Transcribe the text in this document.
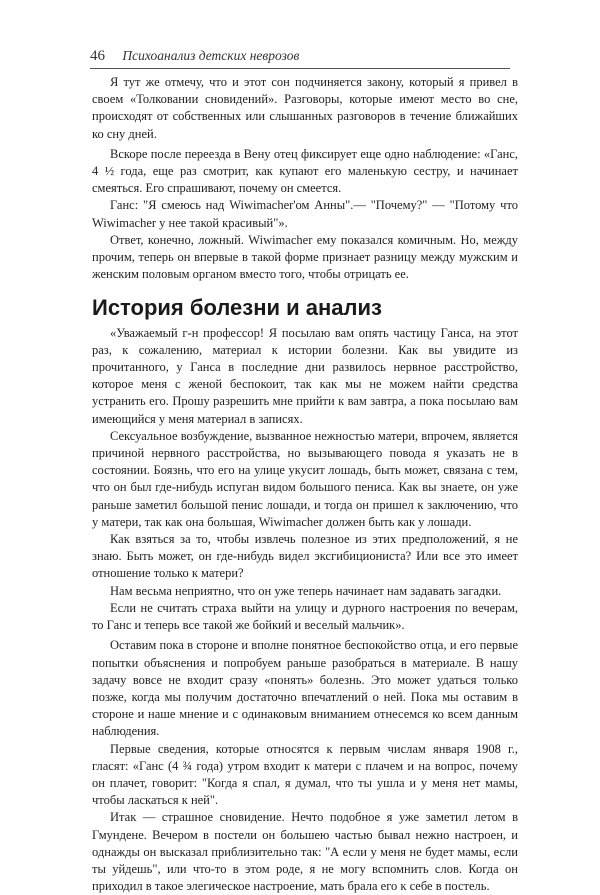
46 Психоанализ детских неврозов

Я тут же отмечу, что и этот сон подчиняется закону, который я привел в своем «Толковании сновидений». Разговоры, которые имеют место во сне, происходят от собственных или слышанных разговоров в течение ближайших ко сну дней.

Вскоре после переезда в Вену отец фиксирует еще одно наблюдение: «Ганс, 4 ½ года, еще раз смотрит, как купают его маленькую сестру, и начинает смеяться. Его спрашивают, почему он смеется.

Ганс: "Я смеюсь над Wiwimacher'ом Анны".— "Почему?" — "Потому что Wiwimacher у нее такой красивый"».

Ответ, конечно, ложный. Wiwimacher ему показался комичным. Но, между прочим, теперь он впервые в такой форме признает разницу между мужским и женским половым органом вместо того, чтобы отрицать ее.

История болезни и анализ

«Уважаемый г-н профессор! Я посылаю вам опять частицу Ганса, на этот раз, к сожалению, материал к истории болезни. Как вы увидите из прочитанного, у Ганса в последние дни развилось нервное расстройство, которое меня с женой беспокоит, так как мы не можем найти средства устранить его. Прошу разрешить мне прийти к вам завтра, а пока посылаю вам имеющийся у меня материал в записях.

Сексуальное возбуждение, вызванное нежностью матери, впрочем, является причиной нервного расстройства, но вызывающего повода я указать не в состоянии. Боязнь, что его на улице укусит лошадь, быть может, связана с тем, что он был где-нибудь испуган видом большого пениса. Как вы знаете, он уже раньше заметил большой пенис лошади, и тогда он пришел к заключению, что у матери, так как она большая, Wiwimacher должен быть как у лошади.

Как взяться за то, чтобы извлечь полезное из этих предположений, я не знаю. Быть может, он где-нибудь видел эксгибициониста? Или все это имеет отношение только к матери?

Нам весьма неприятно, что он уже теперь начинает нам задавать загадки.

Если не считать страха выйти на улицу и дурного настроения по вечерам, то Ганс и теперь все такой же бойкий и веселый мальчик».

Оставим пока в стороне и вполне понятное беспокойство отца, и его первые попытки объяснения и попробуем раньше разобраться в материале. В нашу задачу вовсе не входит сразу «понять» болезнь. Это может удаться только позже, когда мы получим достаточно впечатлений о ней. Пока мы оставим в стороне и наше мнение и с одинаковым вниманием отнесемся ко всем данным наблюдения.

Первые сведения, которые относятся к первым числам января 1908 г., гласят: «Ганс (4 ¾ года) утром входит к матери с плачем и на вопрос, почему он плачет, говорит: "Когда я спал, я думал, что ты ушла и у меня нет мамы, чтобы ласкаться к ней".

Итак — страшное сновидение. Нечто подобное я уже заметил летом в Гмундене. Вечером в постели он большею частью бывал нежно настроен, и однажды он высказал приблизительно так: "А если у меня не будет мамы, если ты уйдешь", или что-то в этом роде, я не могу вспомнить слов. Когда он приходил в такое элегическое настроение, мать брала его к себе в постель.
